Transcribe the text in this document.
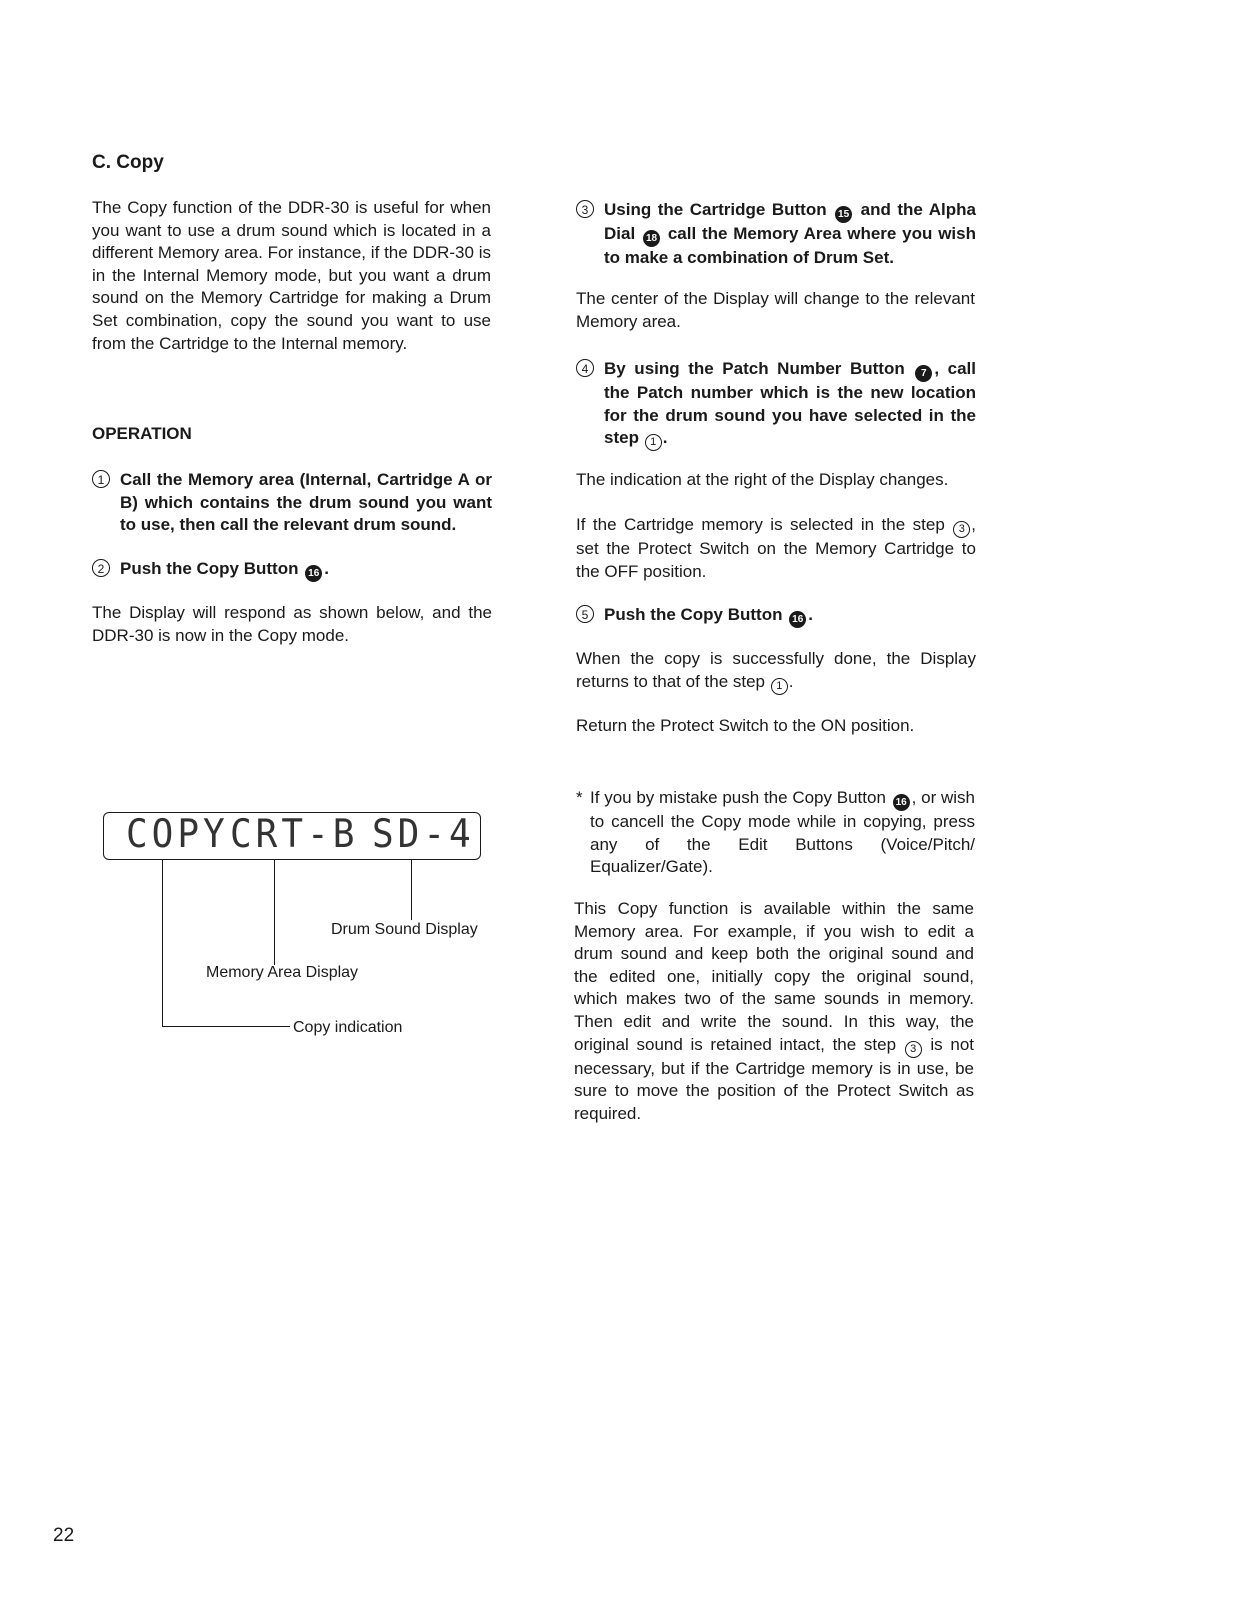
C. Copy

The Copy function of the DDR-30 is useful for when you want to use a drum sound which is located in a different Memory area. For instance, if the DDR-30 is in the Internal Memory mode, but you want a drum sound on the Memory Cartridge for making a Drum Set combination, copy the sound you want to use from the Cartridge to the Internal memory.

OPERATION
1 Call the Memory area (Internal, Cartridge A or B) which contains the drum sound you want to use, then call the relevant drum sound.
2 Push the Copy Button 16 .

The Display will respond as shown below, and the DDR-30 is now in the Copy mode.

COPY CRT-B SD-4
Drum Sound Display
Memory Area Display
Copy indication
3 Using the Cartridge Button 15 and the Alpha Dial 18 call the Memory Area where you wish to make a combination of Drum Set.

The center of the Display will change to the relevant Memory area.

4 By using the Patch Number Button 7 , call the Patch number which is the new location for the drum sound you have selected in the step 1 .

The indication at the right of the Display changes.

If the Cartridge memory is selected in the step 3 , set the Protect Switch on the Memory Cartridge to the OFF position.

5 Push the Copy Button 16 .

When the copy is successfully done, the Display returns to that of the step 1 .

Return the Protect Switch to the ON position.

* If you by mistake push the Copy Button 16 , or wish to cancell the Copy mode while in copying, press any of the Edit Buttons (Voice/Pitch/ Equalizer/Gate).

This Copy function is available within the same Memory area. For example, if you wish to edit a drum sound and keep both the original sound and the edited one, initially copy the original sound, which makes two of the same sounds in memory. Then edit and write the sound. In this way, the original sound is retained intact, the step 3 is not necessary, but if the Cartridge memory is in use, be sure to move the position of the Protect Switch as required.

22
